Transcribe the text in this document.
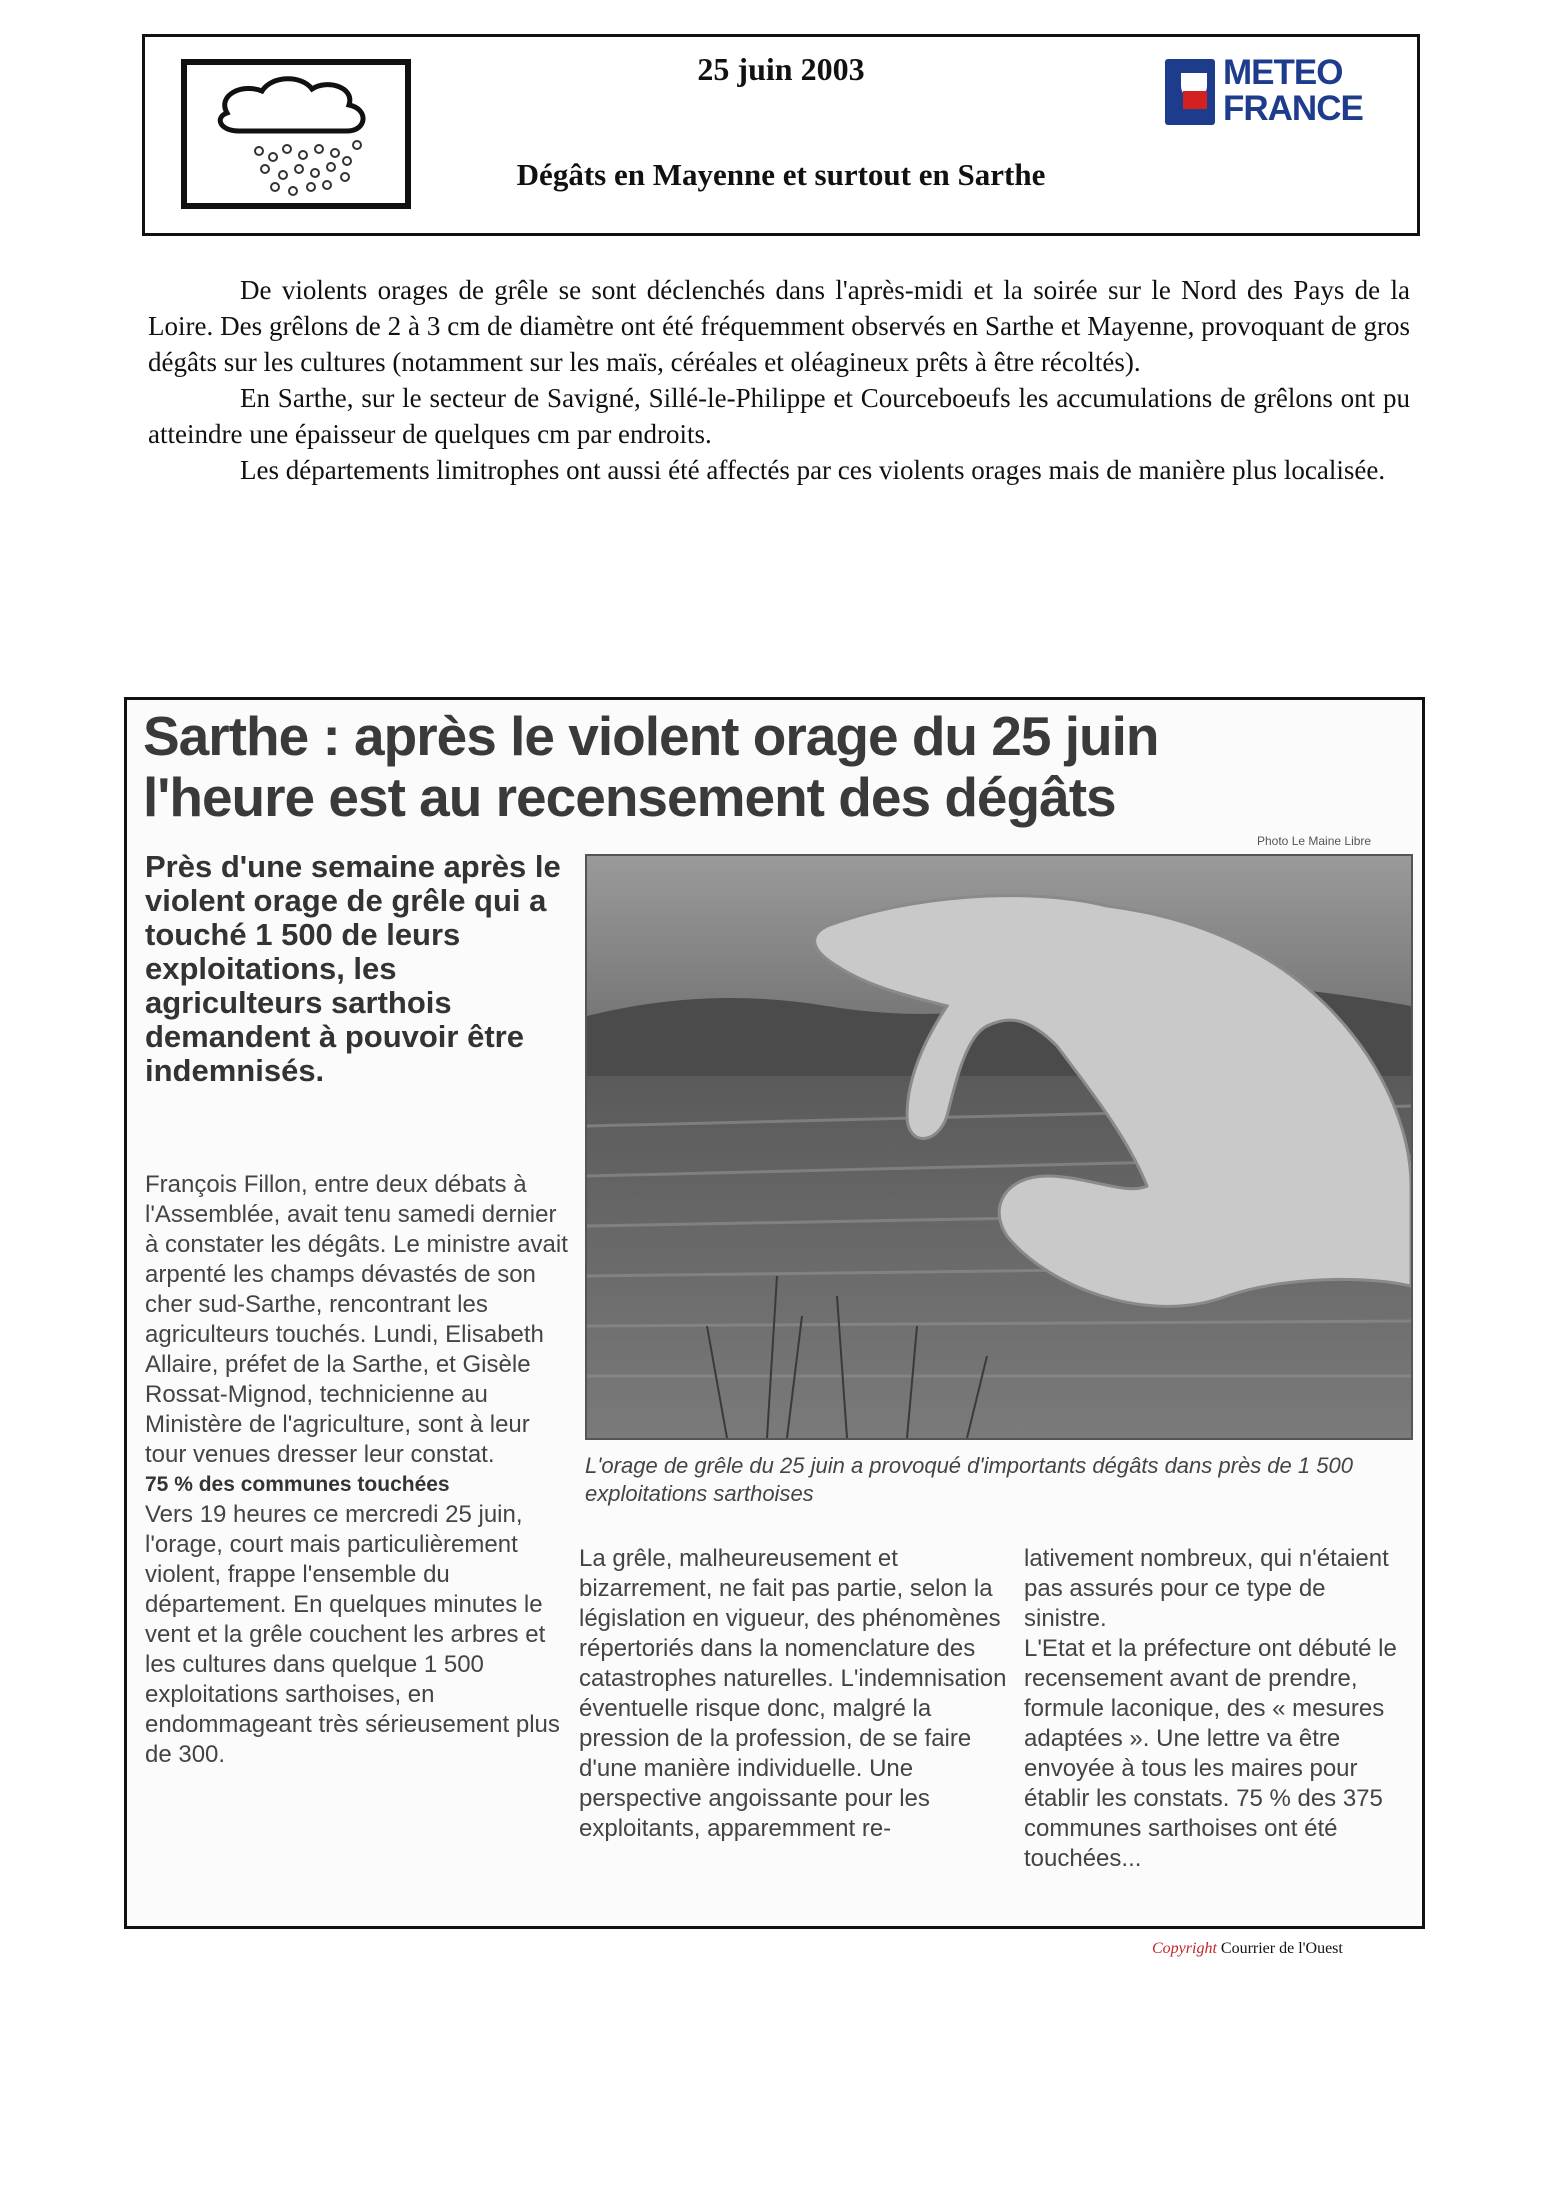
25 juin 2003
Dégâts en Mayenne et surtout en Sarthe
METEO
FRANCE

De violents orages de grêle se sont déclenchés dans l'après-midi et la soirée sur le Nord des Pays de la Loire. Des grêlons de 2 à 3 cm de diamètre ont été fréquemment observés en Sarthe et Mayenne, provoquant de gros dégâts sur les cultures (notamment sur les maïs, céréales et oléagineux prêts à être récoltés).

En Sarthe, sur le secteur de Savigné, Sillé-le-Philippe et Courceboeufs les accumulations de grêlons ont pu atteindre une épaisseur de quelques cm par endroits.

Les départements limitrophes ont aussi été affectés par ces violents orages mais de manière plus localisée.

Sarthe : après le violent orage du 25 juin
l'heure est au recensement des dégâts
Photo Le Maine Libre
Près d'une semaine après le violent orage de grêle qui a touché 1 500 de leurs exploitations, les agriculteurs sarthois demandent à pouvoir être indemnisés.

François Fillon, entre deux débats à l'Assemblée, avait tenu samedi dernier à constater les dégâts. Le ministre avait arpenté les champs dévastés de son cher sud-Sarthe, rencontrant les agriculteurs touchés. Lundi, Elisabeth Allaire, préfet de la Sarthe, et Gisèle Rossat-Mignod, technicienne au Ministère de l'agriculture, sont à leur tour venues dresser leur constat.

75 % des communes touchées

Vers 19 heures ce mercredi 25 juin, l'orage, court mais particulièrement violent, frappe l'ensemble du département. En quelques minutes le vent et la grêle couchent les arbres et les cultures dans quelque 1 500 exploitations sarthoises, en endommageant très sérieusement plus de 300.

L'orage de grêle du 25 juin a provoqué d'importants dégâts dans près de 1 500 exploitations sarthoises

La grêle, malheureusement et bizarrement, ne fait pas partie, selon la législation en vigueur, des phénomènes répertoriés dans la nomenclature des catastrophes naturelles. L'indemnisation éventuelle risque donc, malgré la pression de la profession, de se faire d'une manière individuelle. Une perspective angoissante pour les exploitants, apparemment re-

lativement nombreux, qui n'étaient pas assurés pour ce type de sinistre.

L'Etat et la préfecture ont débuté le recensement avant de prendre, formule laconique, des « mesures adaptées ». Une lettre va être envoyée à tous les maires pour établir les constats. 75 % des 375 communes sarthoises ont été touchées...

Copyright Courrier de l'Ouest
